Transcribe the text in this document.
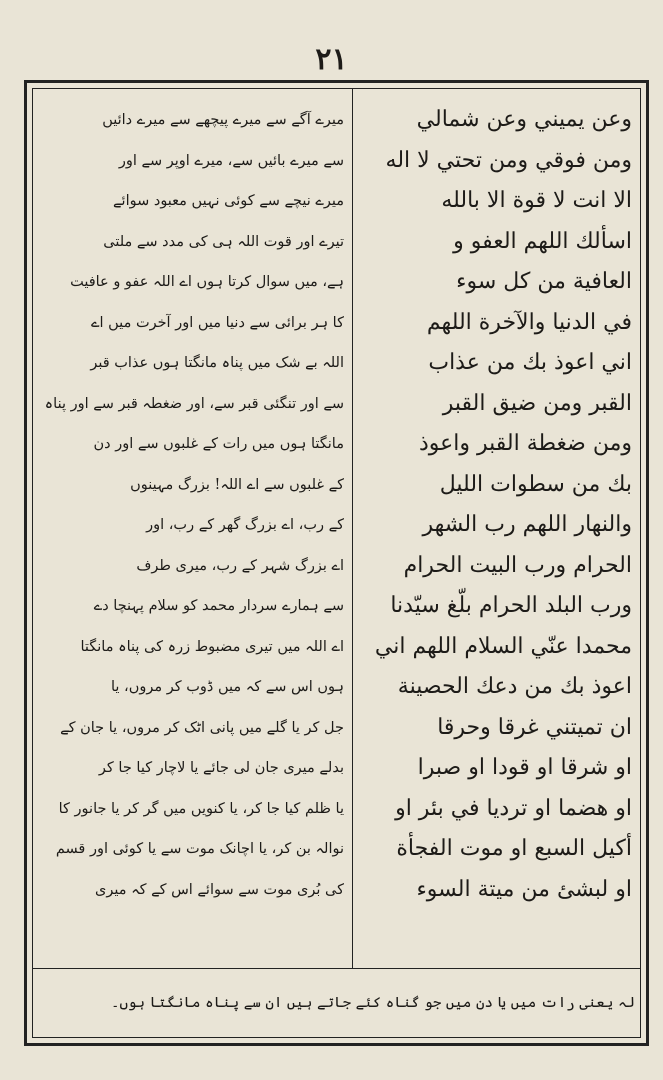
٢١
وعن يميني وعن شمالي
ومن فوقي ومن تحتي لا اله
الا انت لا قوة الا بالله
اسألك اللهم العفو و
العافية من كل سوء
في الدنيا والآخرة اللهم
اني اعوذ بك من عذاب
القبر ومن ضيق القبر
ومن ضغطة القبر واعوذ
بك من سطوات الليل
والنهار اللهم رب الشهر
الحرام ورب البيت الحرام
ورب البلد الحرام بلّغ سيّدنا
محمدا عنّي السلام اللهم اني
اعوذ بك من دعك الحصينة
ان تميتني غرقا وحرقا
او شرقا او قودا او صبرا
او هضما او ترديا في بئر او
أكيل السبع او موت الفجأة
او لبشئ من ميتة السوء
میرے آگے سے میرے پیچھے سے میرے دائیں
سے میرے بائیں سے، میرے اوپر سے اور
میرے نیچے سے کوئی نہیں معبود سوائے
تیرے اور قوت اللہ ہی کی مدد سے ملتی
ہے، میں سوال کرتا ہوں اے اللہ عفو و عافیت
کا ہر برائی سے دنیا میں اور آخرت میں اے
اللہ بے شک میں پناہ مانگتا ہوں عذاب قبر
سے اور تنگئی قبر سے، اور ضغطہ قبر سے اور پناہ
مانگتا ہوں میں رات کے غلبوں سے اور دن
کے غلبوں سے اے اللہ! بزرگ مہینوں
کے رب، اے بزرگ گھر کے رب، اور
اے بزرگ شہر کے رب، میری طرف
سے ہمارے سردار محمد کو سلام پہنچا دے
اے اللہ میں تیری مضبوط زرہ کی پناہ مانگتا
ہوں اس سے کہ میں ڈوب کر مروں، یا
جل کر یا گلے میں پانی اٹک کر مروں، یا جان کے
بدلے میری جان لی جائے یا لاچار کیا جا کر
یا ظلم کیا جا کر، یا کنویں میں گر کر یا جانور کا
نوالہ بن کر، یا اچانک موت سے یا کوئی اور قسم
کی بُری موت سے سوائے اس کے کہ میری
لہ یعنی رات میں یا دن میں جو گناہ کئے جاتے ہیں ان سے پناہ مانگتا ہوں۔
